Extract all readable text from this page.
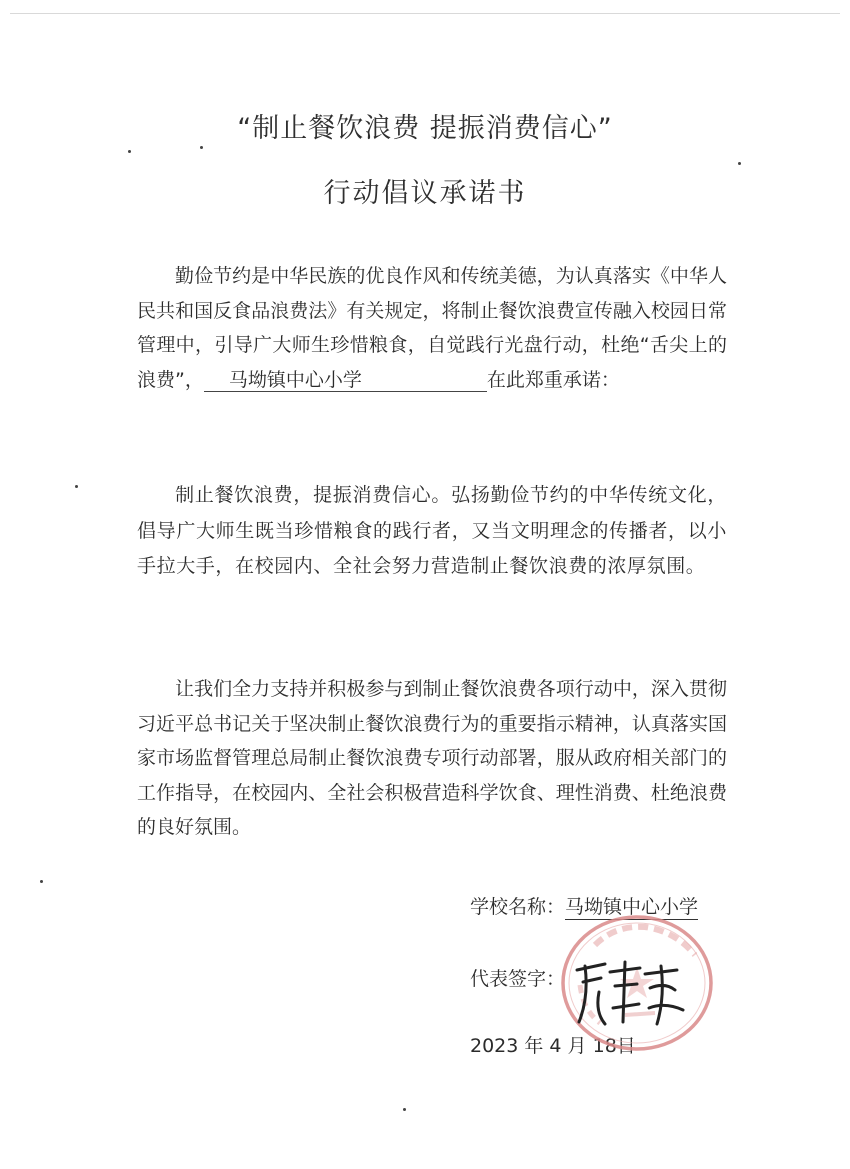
“制止餐饮浪费 提振消费信心”
行动倡议承诺书
勤俭节约是中华民族的优良作风和传统美德，为认真落实《中华人民共和国反食品浪费法》有关规定，将制止餐饮浪费宣传融入校园日常管理中，引导广大师生珍惜粮食，自觉践行光盘行动，杜绝“舌尖上的浪费”， 马坳镇中心小学	在此郑重承诺：
制止餐饮浪费，提振消费信心。弘扬勤俭节约的中华传统文化，倡导广大师生既当珍惜粮食的践行者，又当文明理念的传播者，以小手拉大手，在校园内、全社会努力营造制止餐饮浪费的浓厚氛围。
让我们全力支持并积极参与到制止餐饮浪费各项行动中，深入贯彻习近平总书记关于坚决制止餐饮浪费行为的重要指示精神，认真落实国家市场监督管理总局制止餐饮浪费专项行动部署，服从政府相关部门的工作指导，在校园内、全社会积极营造科学饮食、理性消费、杜绝浪费的良好氛围。
学校名称：马坳镇中心小学
代表签字：
2023 年 4 月 18日
